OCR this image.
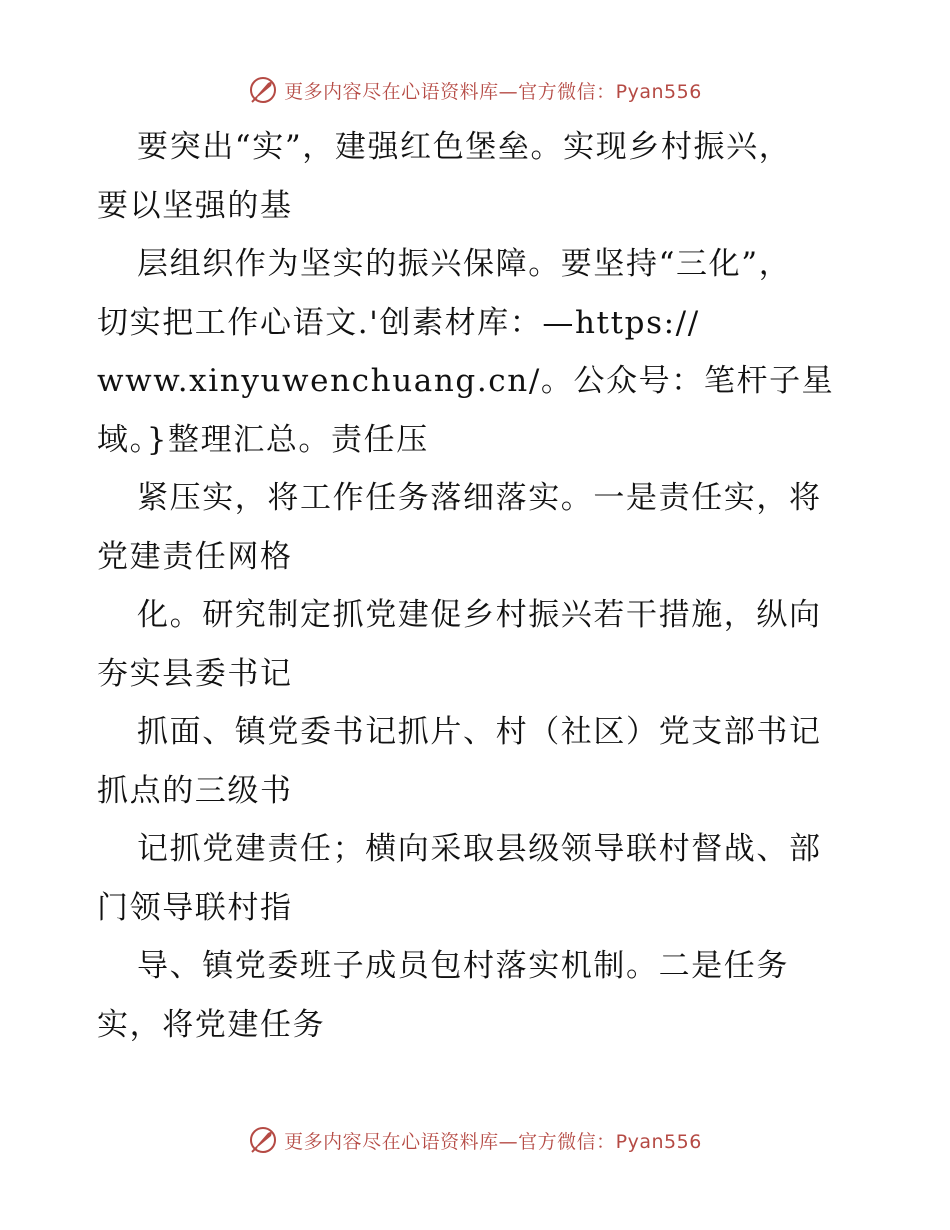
更多内容尽在心语资料库—官方微信：Pyan556
要突出“实”，建强红色堡垒。实现乡村振兴，
要以坚强的基
层组织作为坚实的振兴保障。要坚持“三化”，
切实把工作心语文.'创素材库：—https://
www.xinyuwenchuang.cn/。公众号：笔杆子星
域。}整理汇总。责任压
紧压实，将工作任务落细落实。一是责任实，将
党建责任网格
化。研究制定抓党建促乡村振兴若干措施，纵向
夯实县委书记
抓面、镇党委书记抓片、村（社区）党支部书记
抓点的三级书
记抓党建责任；横向采取县级领导联村督战、部
门领导联村指
导、镇党委班子成员包村落实机制。二是任务
实，将党建任务
更多内容尽在心语资料库—官方微信：Pyan556
